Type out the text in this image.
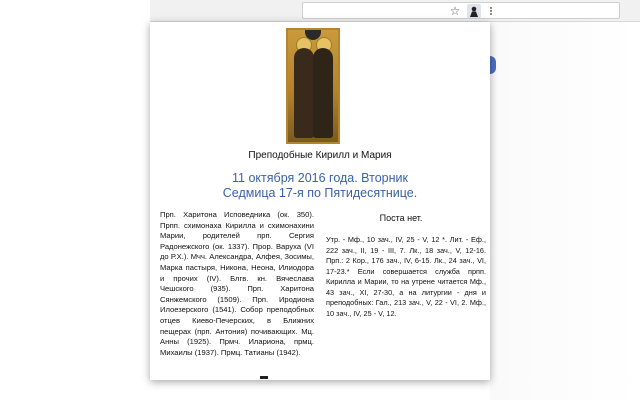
☆
Преподобные Кирилл и Мария
11 октября 2016 года. Вторник
Седмица 17-я по Пятидесятнице.
Прп. Харитона Исповедника (ок. 350). Прпп. схимонаха Кирилла и схимонахини Марии, родителей прп. Сергия Радонежского (ок. 1337). Прор. Варуха (VI до Р.Х.). Мчч. Александра, Алфея, Зосимы, Марка пастыря, Никона, Неона, Илиодора и прочих (IV). Блгв. кн. Вячеслава Чешского (935). Прп. Харитона Сянжемского (1509). Прп. Иродиона Илоезерского (1541). Собор преподобных отцев Киево-Печерских, в Ближних пещерах (прп. Антония) почивающих. Мц. Анны (1925). Прмч. Илариона, прмц. Михаилы (1937). Прмц. Татианы (1942).
Поста нет.
Утр. - Мф., 10 зач., IV, 25 - V, 12 *. Лит. - Еф., 222 зач., II, 19 - III, 7. Лк., 18 зач., V, 12-16. Прп.: 2 Кор., 176 зач., IV, 6-15. Лк., 24 зач., VI, 17-23.* Если совершается служба прпп. Кирилла и Марии, то на утрене читается Мф., 43 зач., XI, 27-30, а на литургии - дня и преподобных: Гал., 213 зач., V, 22 - VI, 2. Мф., 10 зач., IV, 25 - V, 12.
